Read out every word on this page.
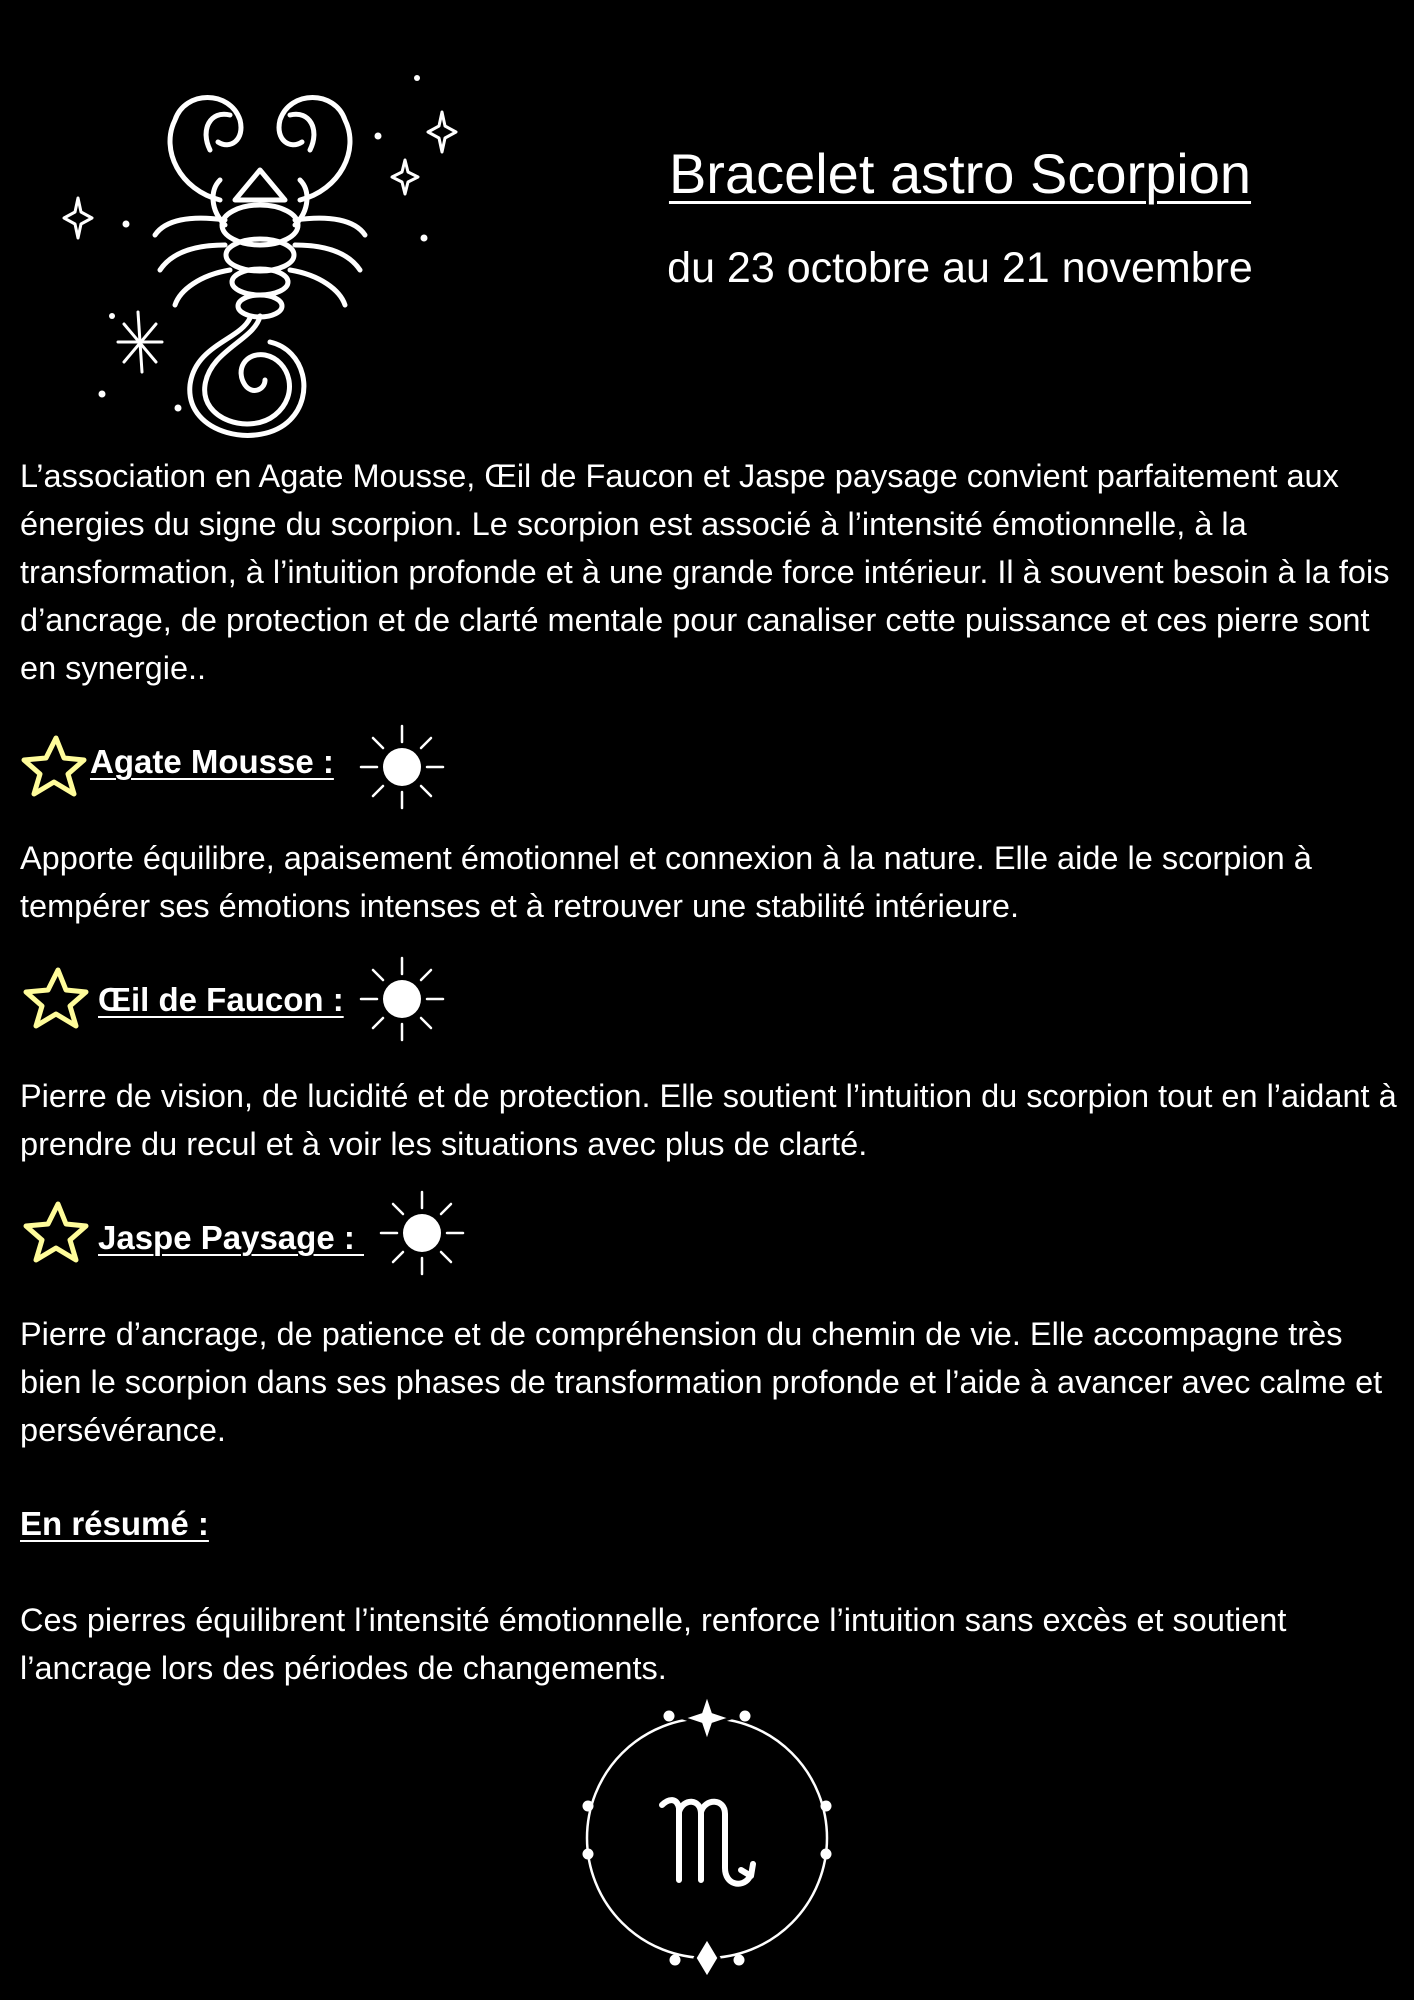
Bracelet astro Scorpion
du 23 octobre au 21 novembre

L’association en Agate Mousse, Œil de Faucon et Jaspe paysage convient parfaitement aux énergies du signe du scorpion. Le scorpion est associé à l’intensité émotionnelle, à la transformation, à l’intuition profonde et à une grande force intérieur. Il à souvent besoin à la fois d’ancrage, de protection et de clarté mentale pour canaliser cette puissance et ces pierre sont en synergie..

Agate Mousse :

Apporte équilibre, apaisement émotionnel et connexion à la nature. Elle aide le scorpion à tempérer ses émotions intenses et à retrouver une stabilité intérieure.

Œil de Faucon :

Pierre de vision, de lucidité et de protection. Elle soutient l’intuition du scorpion tout en l’aidant à prendre du recul et à voir les situations avec plus de clarté.

Jaspe Paysage :

Pierre d’ancrage, de patience et de compréhension du chemin de vie. Elle accompagne très bien le scorpion dans ses phases de transformation profonde et l’aide à avancer avec calme et persévérance.

En résumé :

Ces pierres équilibrent l’intensité émotionnelle, renforce l’intuition sans excès et soutient l’ancrage lors des périodes de changements.
